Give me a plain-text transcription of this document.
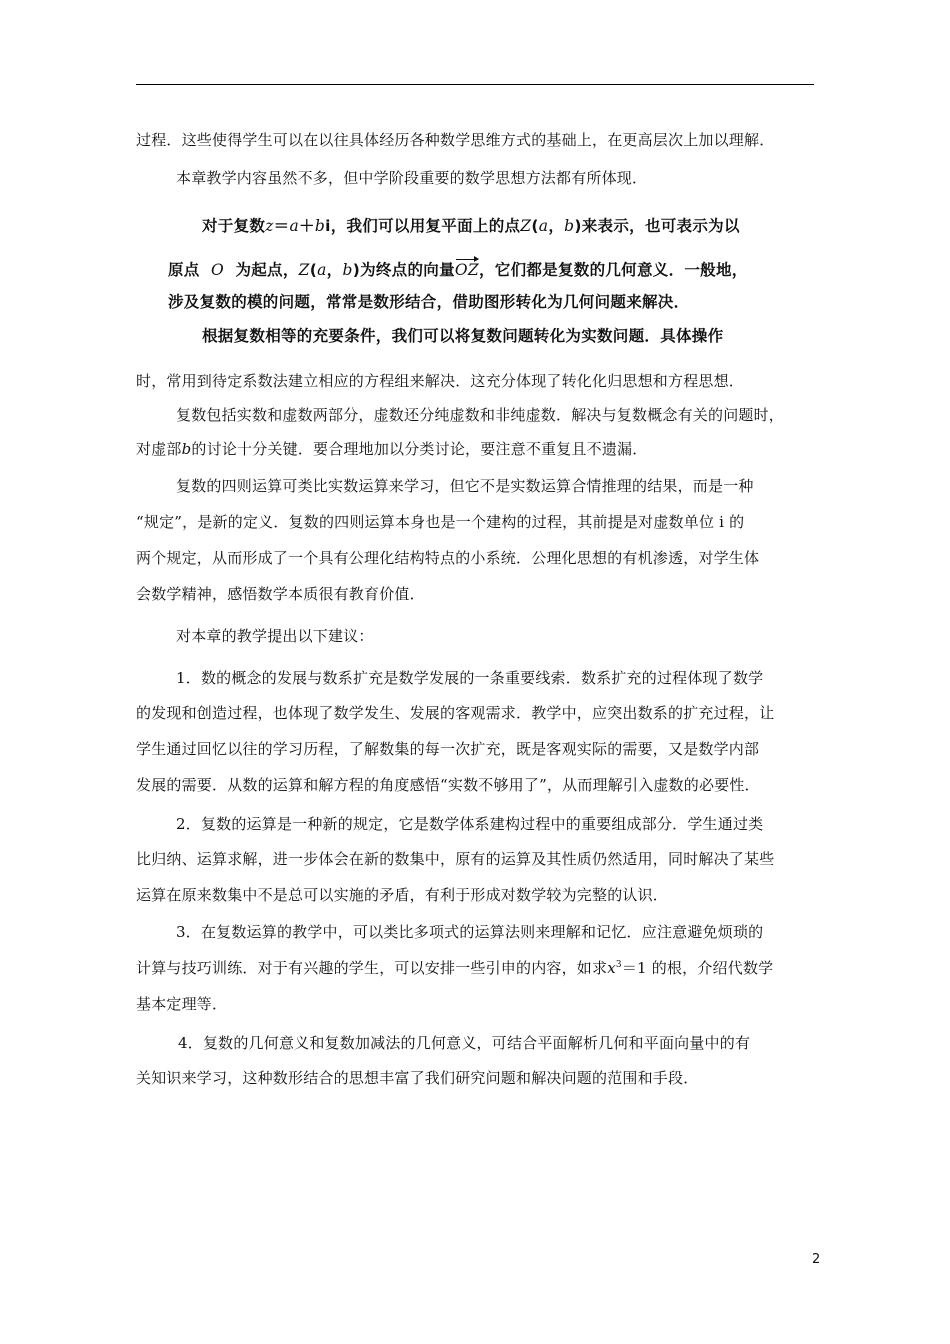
过程．这些使得学生可以在以往具体经历各种数学思维方式的基础上，在更高层次上加以理解．
本章教学内容虽然不多，但中学阶段重要的数学思想方法都有所体现．
对于复数z＝a＋bi，我们可以用复平面上的点Z(a，b)来表示，也可表示为以
原点 O 为起点，Z(a，b)为终点的向量OZ，它们都是复数的几何意义．一般地，
涉及复数的模的问题，常常是数形结合，借助图形转化为几何问题来解决．
根据复数相等的充要条件，我们可以将复数问题转化为实数问题．具体操作
时，常用到待定系数法建立相应的方程组来解决．这充分体现了转化化归思想和方程思想．
复数包括实数和虚数两部分，虚数还分纯虚数和非纯虚数．解决与复数概念有关的问题时，
对虚部b的讨论十分关键．要合理地加以分类讨论，要注意不重复且不遗漏．
复数的四则运算可类比实数运算来学习，但它不是实数运算合情推理的结果，而是一种
“规定”，是新的定义．复数的四则运算本身也是一个建构的过程，其前提是对虚数单位 i 的
两个规定，从而形成了一个具有公理化结构特点的小系统．公理化思想的有机渗透，对学生体
会数学精神，感悟数学本质很有教育价值．
对本章的教学提出以下建议：
1．数的概念的发展与数系扩充是数学发展的一条重要线索．数系扩充的过程体现了数学
的发现和创造过程，也体现了数学发生、发展的客观需求．教学中，应突出数系的扩充过程，让
学生通过回忆以往的学习历程，了解数集的每一次扩充，既是客观实际的需要，又是数学内部
发展的需要．从数的运算和解方程的角度感悟“实数不够用了”，从而理解引入虚数的必要性．
2．复数的运算是一种新的规定，它是数学体系建构过程中的重要组成部分．学生通过类
比归纳、运算求解，进一步体会在新的数集中，原有的运算及其性质仍然适用，同时解决了某些
运算在原来数集中不是总可以实施的矛盾，有利于形成对数学较为完整的认识．
3．在复数运算的教学中，可以类比多项式的运算法则来理解和记忆．应注意避免烦琐的
计算与技巧训练．对于有兴趣的学生，可以安排一些引申的内容，如求$x^3=1$ 的根，介绍代数学
基本定理等．
4．复数的几何意义和复数加减法的几何意义，可结合平面解析几何和平面向量中的有
关知识来学习，这种数形结合的思想丰富了我们研究问题和解决问题的范围和手段．
2
